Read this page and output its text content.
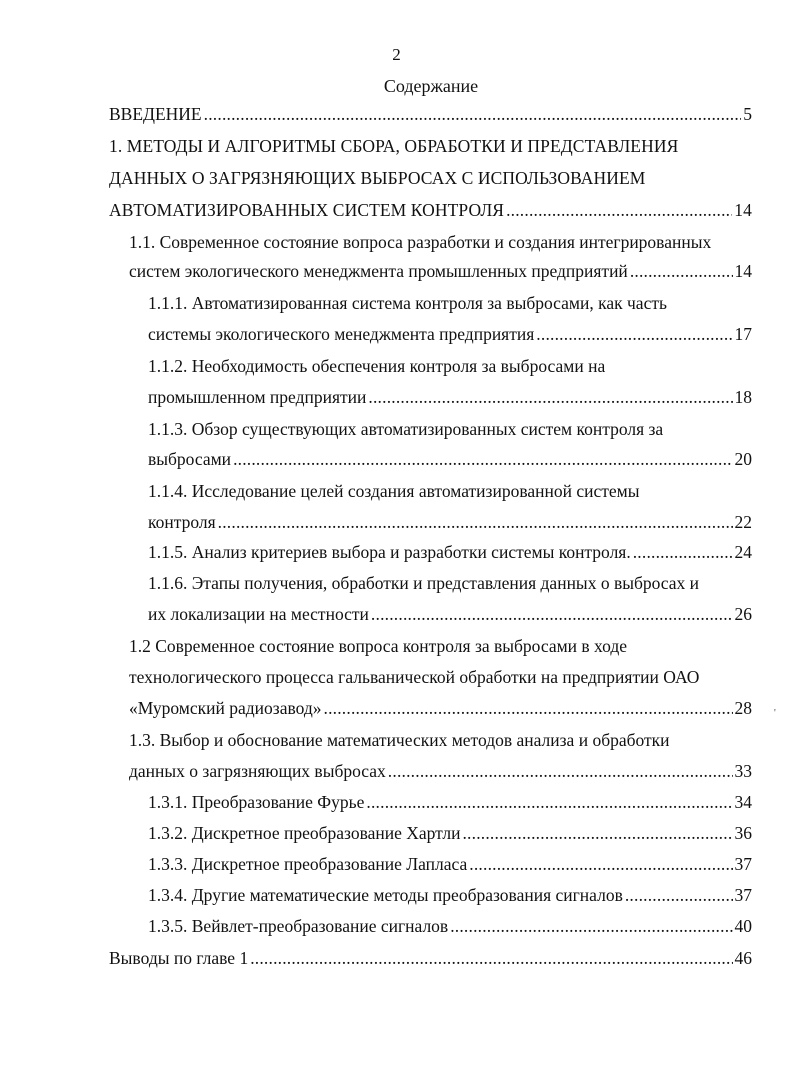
2
Содержание
ВВЕДЕНИЕ .....	5
1. МЕТОДЫ И АЛГОРИТМЫ СБОРА, ОБРАБОТКИ И ПРЕДСТАВЛЕНИЯ
ДАННЫХ О ЗАГРЯЗНЯЮЩИХ ВЫБРОСАХ С ИСПОЛЬЗОВАНИЕМ
АВТОМАТИЗИРОВАННЫХ СИСТЕМ КОНТРОЛЯ .....	14
1.1. Современное состояние вопроса разработки и создания интегрированных
систем экологического менеджмента промышленных предприятий .....	14
1.1.1. Автоматизированная система контроля за выбросами, как часть
системы экологического менеджмента предприятия .....	17
1.1.2. Необходимость обеспечения контроля за выбросами на
промышленном предприятии .....	18
1.1.3. Обзор существующих автоматизированных систем контроля за
выбросами .....	20
1.1.4. Исследование целей создания автоматизированной системы
контроля .....	22
1.1.5. Анализ критериев выбора и разработки системы контроля. .....	24
1.1.6. Этапы получения, обработки и представления данных о выбросах и
их локализации на местности .....	26
1.2 Современное состояние вопроса контроля за выбросами в ходе
технологического процесса гальванической обработки на предприятии ОАО
«Муромский радиозавод» .....	28
1.3. Выбор и обоснование математических методов анализа и обработки
данных о загрязняющих выбросах .....	33
1.3.1. Преобразование Фурье .....	34
1.3.2. Дискретное преобразование Хартли .....	36
1.3.3. Дискретное преобразование Лапласа .....	37
1.3.4. Другие математические методы преобразования сигналов .....	37
1.3.5. Вейвлет-преобразование сигналов .....	40
Выводы по главе 1 .....	46
'
